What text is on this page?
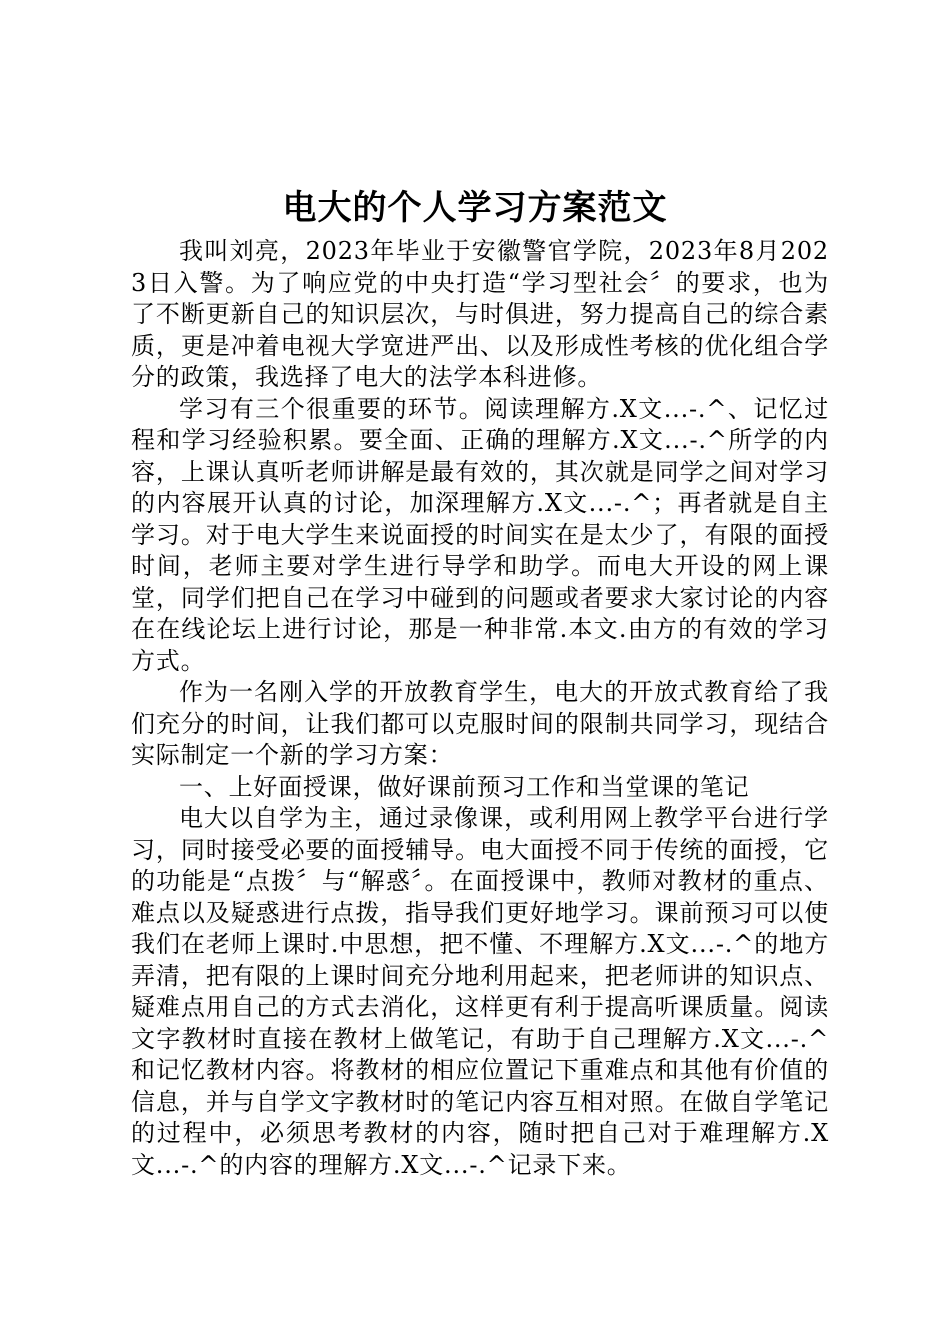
电大的个人学习方案范文

我叫刘亮，2023年毕业于安徽警官学院，2023年8月2023日入警。为了响应党的中央打造“学习型社会〞的要求，也为了不断更新自己的知识层次，与时俱进，努力提高自己的综合素质，更是冲着电视大学宽进严出、以及形成性考核的优化组合学分的政策，我选择了电大的法学本科进修。

学习有三个很重要的环节。阅读理解方.X文...-.^、记忆过程和学习经验积累。要全面、正确的理解方.X文...-.^所学的内容，上课认真听老师讲解是最有效的，其次就是同学之间对学习的内容展开认真的讨论，加深理解方.X文...-.^；再者就是自主学习。对于电大学生来说面授的时间实在是太少了，有限的面授时间，老师主要对学生进行导学和助学。而电大开设的网上课堂，同学们把自己在学习中碰到的问题或者要求大家讨论的内容在在线论坛上进行讨论，那是一种非常.本文.由方的有效的学习方式。

作为一名刚入学的开放教育学生，电大的开放式教育给了我们充分的时间，让我们都可以克服时间的限制共同学习，现结合实际制定一个新的学习方案：

一、上好面授课，做好课前预习工作和当堂课的笔记

电大以自学为主，通过录像课，或利用网上教学平台进行学习，同时接受必要的面授辅导。电大面授不同于传统的面授，它的功能是“点拨〞与“解惑〞。在面授课中，教师对教材的重点、难点以及疑惑进行点拨，指导我们更好地学习。课前预习可以使我们在老师上课时.中思想，把不懂、不理解方.X文...-.^的地方弄清，把有限的上课时间充分地利用起来，把老师讲的知识点、疑难点用自己的方式去消化，这样更有利于提高听课质量。阅读文字教材时直接在教材上做笔记，有助于自己理解方.X文...-.^和记忆教材内容。将教材的相应位置记下重难点和其他有价值的信息，并与自学文字教材时的笔记内容互相对照。在做自学笔记的过程中，必须思考教材的内容，随时把自己对于难理解方.X文...-.^的内容的理解方.X文...-.^记录下来。
